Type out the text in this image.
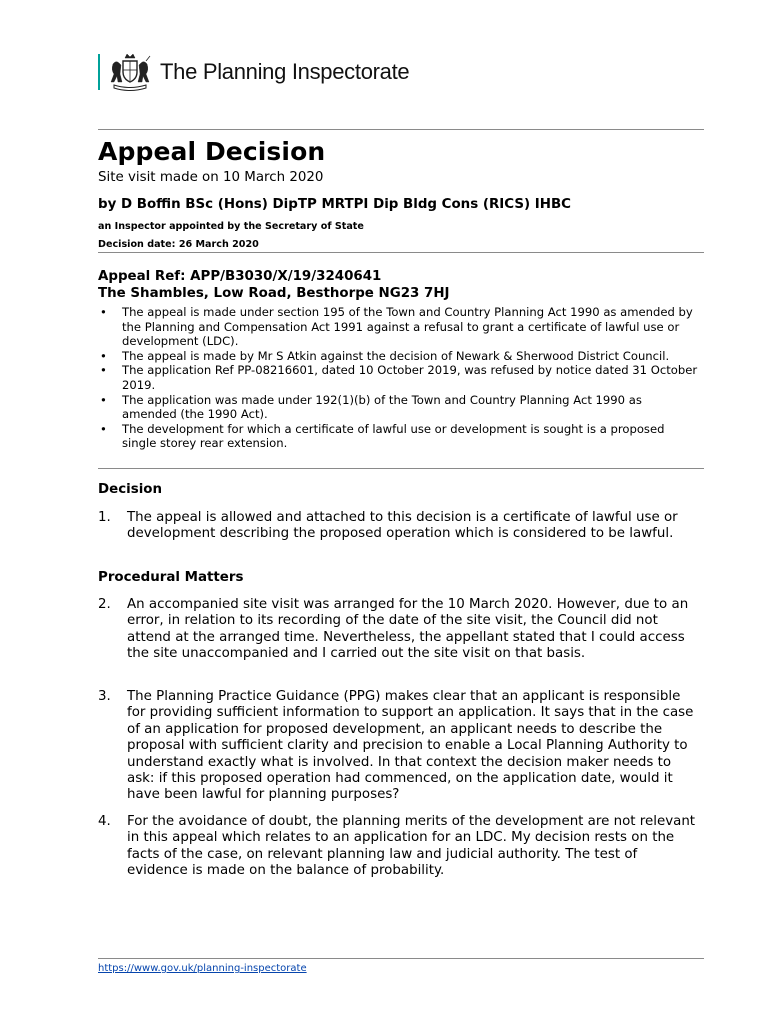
The Planning Inspectorate
Appeal Decision
Site visit made on 10 March 2020
by D Boffin BSc (Hons) DipTP MRTPI Dip Bldg Cons (RICS) IHBC
an Inspector appointed by the Secretary of State
Decision date: 26 March 2020
Appeal Ref: APP/B3030/X/19/3240641
The Shambles, Low Road, Besthorpe NG23 7HJ
• The appeal is made under section 195 of the Town and Country Planning Act 1990 as amended by the Planning and Compensation Act 1991 against a refusal to grant a certificate of lawful use or development (LDC).
• The appeal is made by Mr S Atkin against the decision of Newark & Sherwood District Council.
• The application Ref PP-08216601, dated 10 October 2019, was refused by notice dated 31 October 2019.
• The application was made under 192(1)(b) of the Town and Country Planning Act 1990 as amended (the 1990 Act).
• The development for which a certificate of lawful use or development is sought is a proposed single storey rear extension.
Decision
1.	The appeal is allowed and attached to this decision is a certificate of lawful use or development describing the proposed operation which is considered to be lawful.
Procedural Matters
2.	An accompanied site visit was arranged for the 10 March 2020. However, due to an error, in relation to its recording of the date of the site visit, the Council did not attend at the arranged time. Nevertheless, the appellant stated that I could access the site unaccompanied and I carried out the site visit on that basis.
3.	The Planning Practice Guidance (PPG) makes clear that an applicant is responsible for providing sufficient information to support an application. It says that in the case of an application for proposed development, an applicant needs to describe the proposal with sufficient clarity and precision to enable a Local Planning Authority to understand exactly what is involved. In that context the decision maker needs to ask: if this proposed operation had commenced, on the application date, would it have been lawful for planning purposes?
4.	For the avoidance of doubt, the planning merits of the development are not relevant in this appeal which relates to an application for an LDC. My decision rests on the facts of the case, on relevant planning law and judicial authority. The test of evidence is made on the balance of probability.
https://www.gov.uk/planning-inspectorate
